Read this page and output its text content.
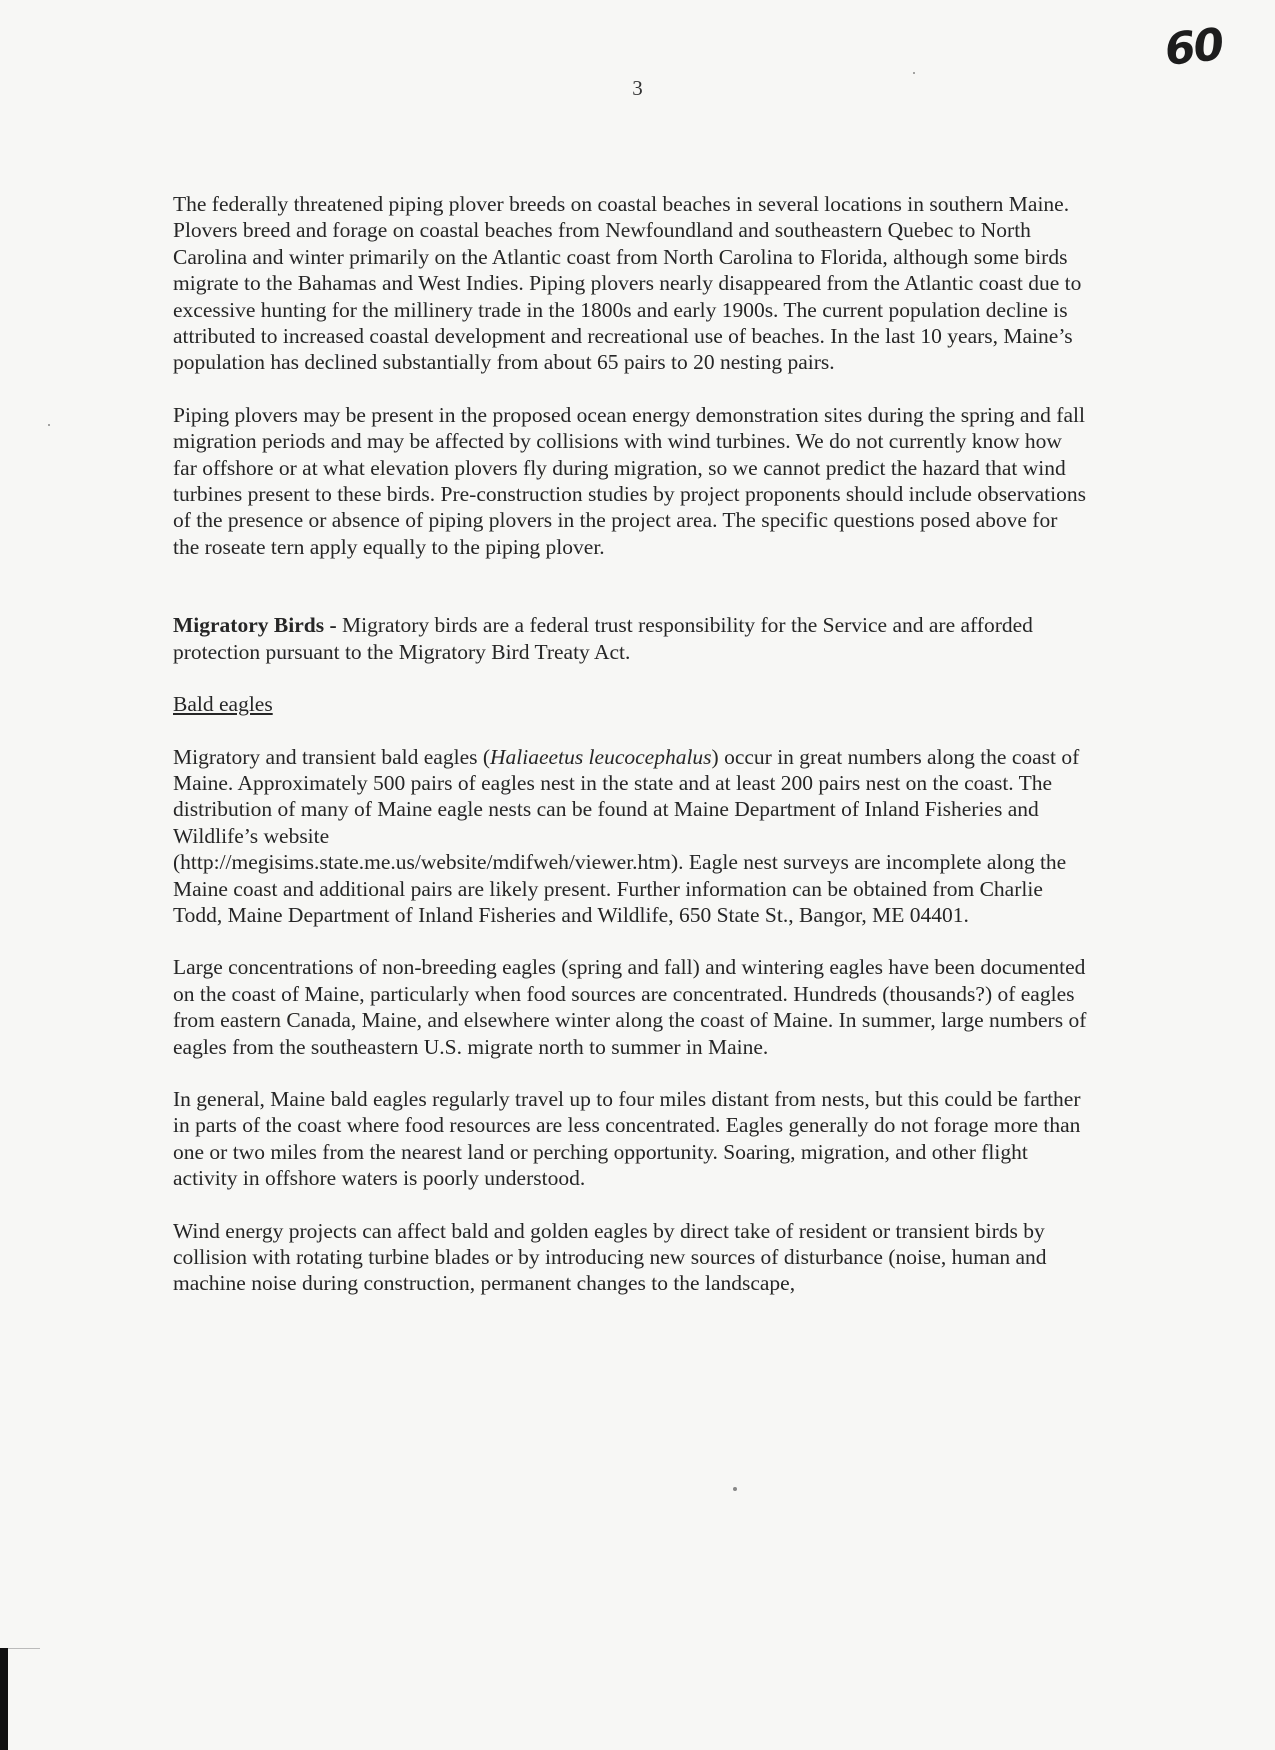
60
3

The federally threatened piping plover breeds on coastal beaches in several locations in southern Maine. Plovers breed and forage on coastal beaches from Newfoundland and southeastern Quebec to North Carolina and winter primarily on the Atlantic coast from North Carolina to Florida, although some birds migrate to the Bahamas and West Indies. Piping plovers nearly disappeared from the Atlantic coast due to excessive hunting for the millinery trade in the 1800s and early 1900s. The current population decline is attributed to increased coastal development and recreational use of beaches. In the last 10 years, Maine’s population has declined substantially from about 65 pairs to 20 nesting pairs.

Piping plovers may be present in the proposed ocean energy demonstration sites during the spring and fall migration periods and may be affected by collisions with wind turbines. We do not currently know how far offshore or at what elevation plovers fly during migration, so we cannot predict the hazard that wind turbines present to these birds. Pre-construction studies by project proponents should include observations of the presence or absence of piping plovers in the project area. The specific questions posed above for the roseate tern apply equally to the piping plover.

Migratory Birds - Migratory birds are a federal trust responsibility for the Service and are afforded protection pursuant to the Migratory Bird Treaty Act.

Bald eagles

Migratory and transient bald eagles (Haliaeetus leucocephalus) occur in great numbers along the coast of Maine. Approximately 500 pairs of eagles nest in the state and at least 200 pairs nest on the coast. The distribution of many of Maine eagle nests can be found at Maine Department of Inland Fisheries and Wildlife’s website
(http://megisims.state.me.us/website/mdifweh/viewer.htm). Eagle nest surveys are incomplete along the Maine coast and additional pairs are likely present. Further information can be obtained from Charlie Todd, Maine Department of Inland Fisheries and Wildlife, 650 State St., Bangor, ME 04401.

Large concentrations of non-breeding eagles (spring and fall) and wintering eagles have been documented on the coast of Maine, particularly when food sources are concentrated. Hundreds (thousands?) of eagles from eastern Canada, Maine, and elsewhere winter along the coast of Maine. In summer, large numbers of eagles from the southeastern U.S. migrate north to summer in Maine.

In general, Maine bald eagles regularly travel up to four miles distant from nests, but this could be farther in parts of the coast where food resources are less concentrated. Eagles generally do not forage more than one or two miles from the nearest land or perching opportunity. Soaring, migration, and other flight activity in offshore waters is poorly understood.

Wind energy projects can affect bald and golden eagles by direct take of resident or transient birds by collision with rotating turbine blades or by introducing new sources of disturbance (noise, human and machine noise during construction, permanent changes to the landscape,
